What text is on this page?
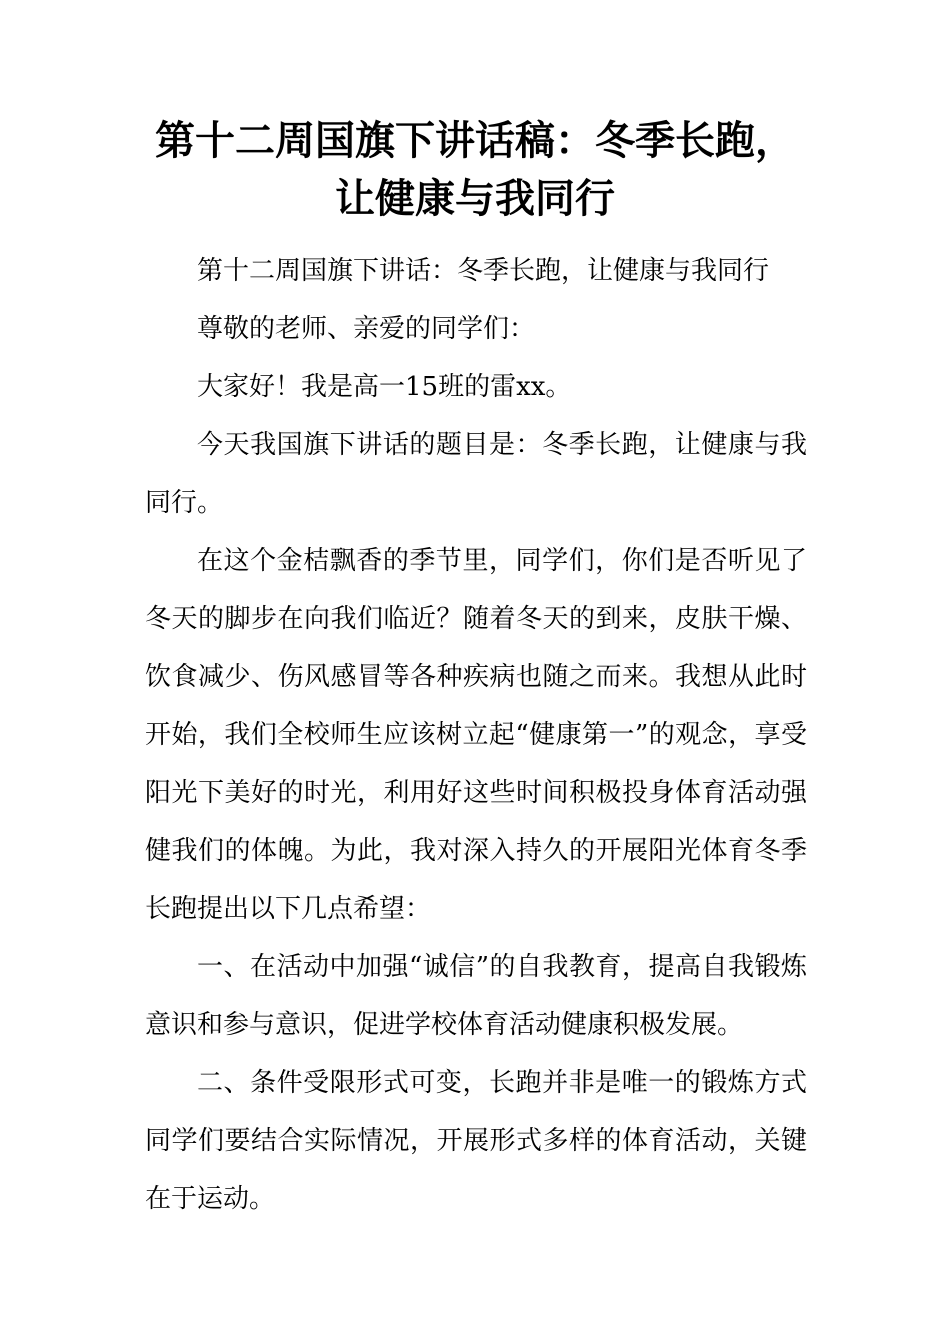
第十二周国旗下讲话稿：冬季长跑，让健康与我同行

第十二周国旗下讲话：冬季长跑，让健康与我同行

尊敬的老师、亲爱的同学们：

大家好！我是高一15班的雷xx。

今天我国旗下讲话的题目是：冬季长跑，让健康与我同行。

在这个金桔飘香的季节里，同学们，你们是否听见了冬天的脚步在向我们临近？随着冬天的到来，皮肤干燥、饮食减少、伤风感冒等各种疾病也随之而来。我想从此时开始，我们全校师生应该树立起“健康第一”的观念，享受阳光下美好的时光，利用好这些时间积极投身体育活动强健我们的体魄。为此，我对深入持久的开展阳光体育冬季长跑提出以下几点希望：

一、在活动中加强“诚信”的自我教育，提高自我锻炼意识和参与意识，促进学校体育活动健康积极发展。

二、条件受限形式可变，长跑并非是唯一的锻炼方式同学们要结合实际情况，开展形式多样的体育活动，关键在于运动。
